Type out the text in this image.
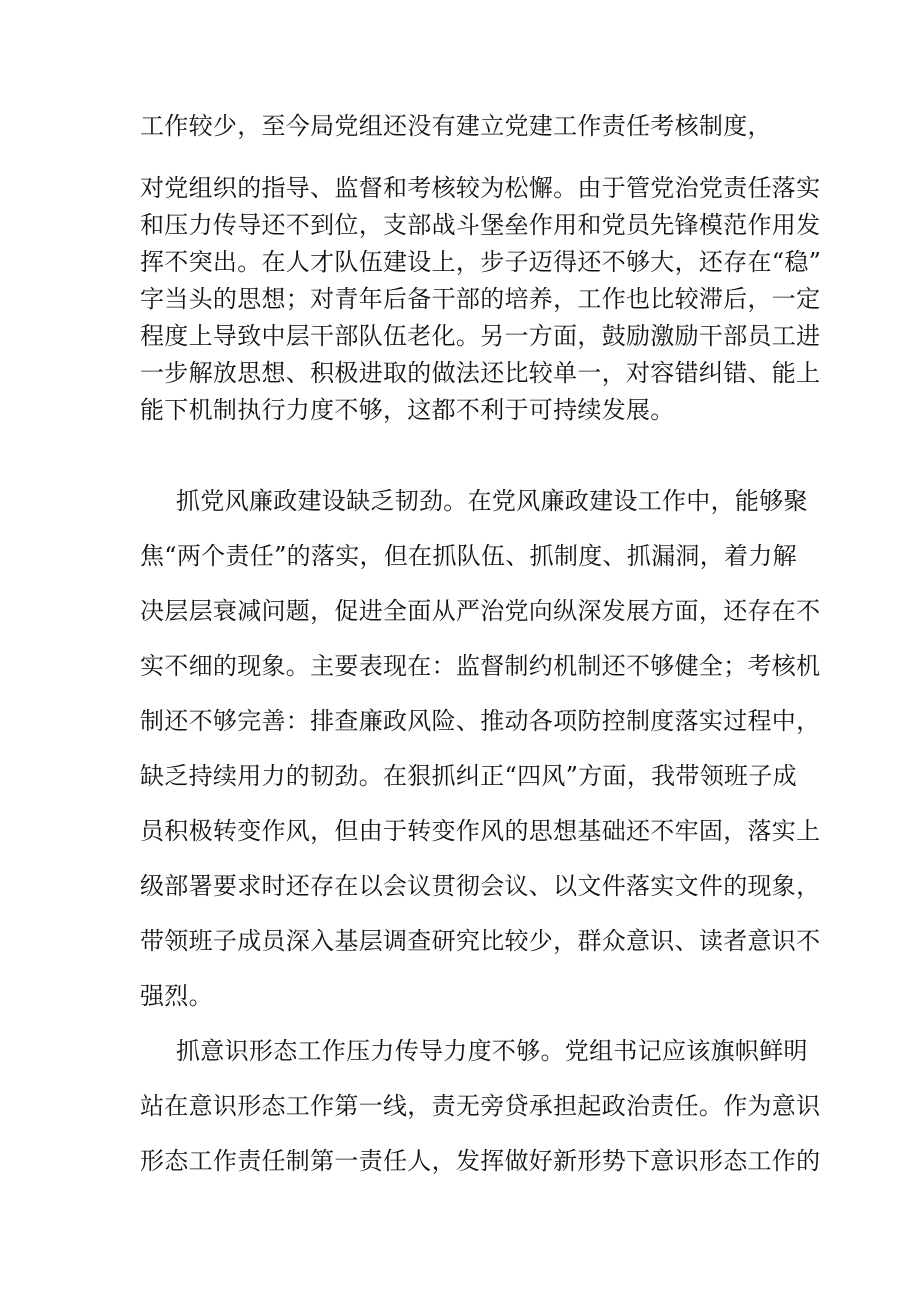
工作较少，至今局党组还没有建立党建工作责任考核制度，
对党组织的指导、监督和考核较为松懈。由于管党治党责任落实
和压力传导还不到位，支部战斗堡垒作用和党员先锋模范作用发
挥不突出。在人才队伍建设上，步子迈得还不够大，还存在“稳”
字当头的思想；对青年后备干部的培养，工作也比较滞后，一定
程度上导致中层干部队伍老化。另一方面，鼓励激励干部员工进
一步解放思想、积极进取的做法还比较单一，对容错纠错、能上
能下机制执行力度不够，这都不利于可持续发展。
抓党风廉政建设缺乏韧劲。在党风廉政建设工作中，能够聚
焦“两个责任”的落实，但在抓队伍、抓制度、抓漏洞，着力解
决层层衰减问题，促进全面从严治党向纵深发展方面，还存在不
实不细的现象。主要表现在：监督制约机制还不够健全；考核机
制还不够完善：排查廉政风险、推动各项防控制度落实过程中，
缺乏持续用力的韧劲。在狠抓纠正“四风”方面，我带领班子成
员积极转变作风，但由于转变作风的思想基础还不牢固，落实上
级部署要求时还存在以会议贯彻会议、以文件落实文件的现象，
带领班子成员深入基层调查研究比较少，群众意识、读者意识不
强烈。
抓意识形态工作压力传导力度不够。党组书记应该旗帜鲜明
站在意识形态工作第一线，责无旁贷承担起政治责任。作为意识
形态工作责任制第一责任人，发挥做好新形势下意识形态工作的
